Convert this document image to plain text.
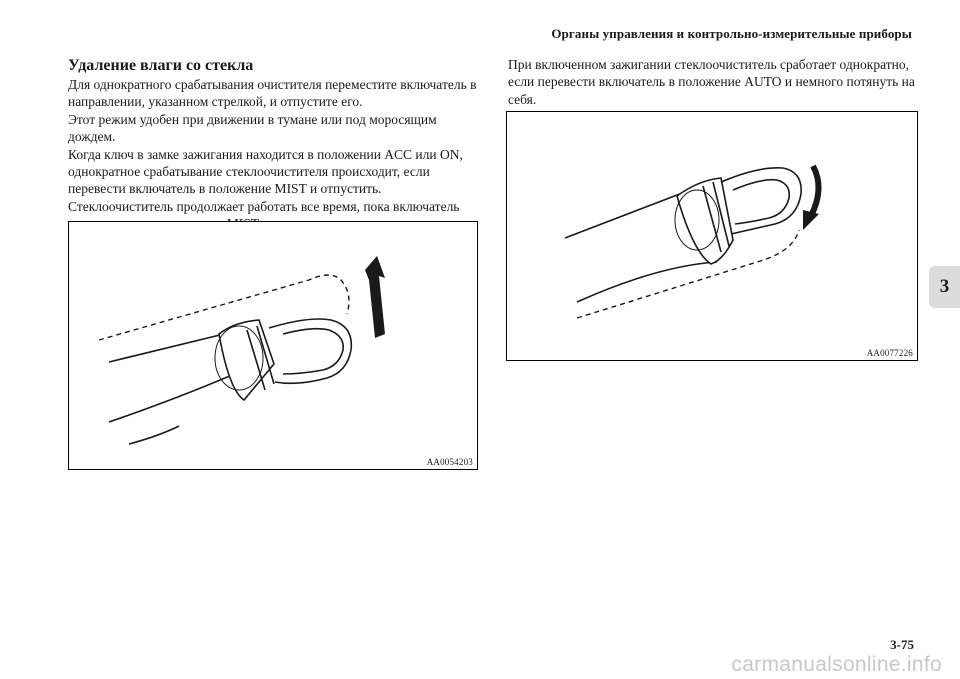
Органы управления и контрольно-измерительные приборы
3

Удаление влаги со стекла

Для однократного срабатывания очистителя переместите включатель в направлении, указанном стрелкой, и отпустите его.

Этот режим удобен при движении в тумане или под моросящим дождем.

Когда ключ в замке зажигания находится в положении ACC или ON, однократное срабатывание стеклоочистителя происходит, если перевести включатель в положение MIST и отпустить.

Стеклоочиститель продолжает работать все время, пока включатель

При включенном зажигании стеклоочиститель сработает однократно, если перевести включатель в положение AUTO и немного потянуть на себя.

AA0054203
AA0077226
3-75
carmanualsonline.info
